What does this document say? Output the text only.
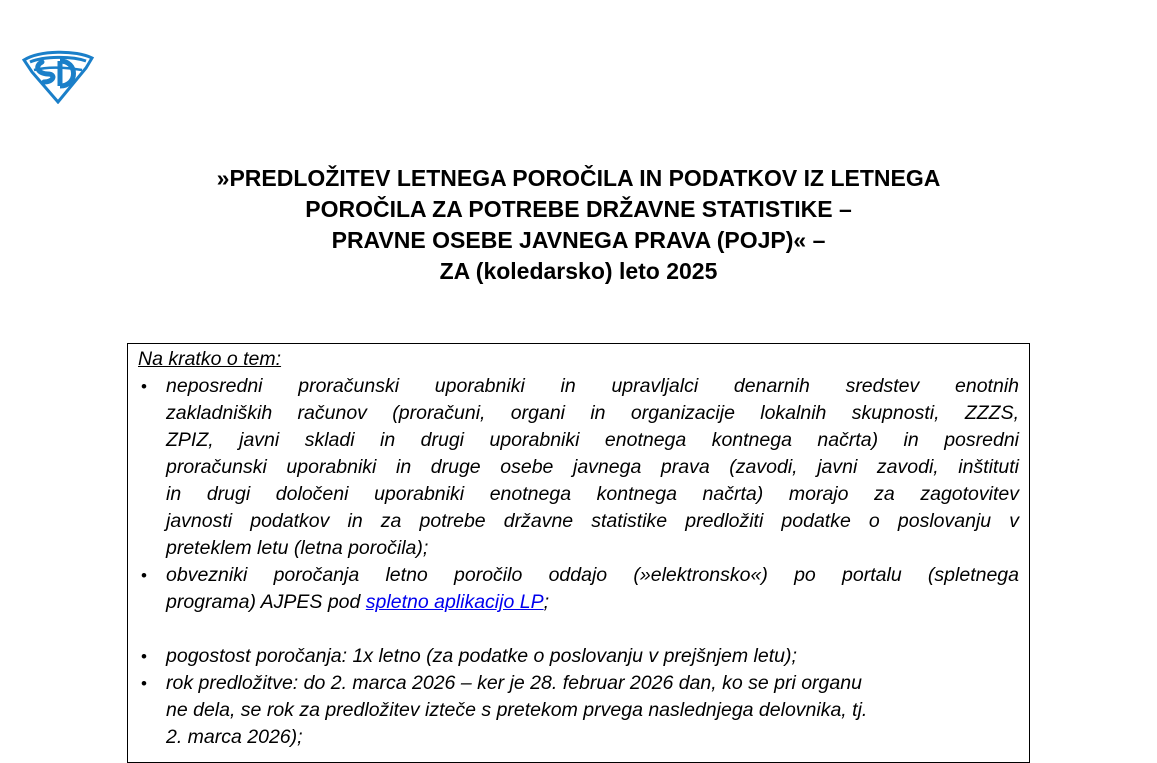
»PREDLOŽITEV LETNEGA POROČILA IN PODATKOV IZ LETNEGA
POROČILA ZA POTREBE DRŽAVNE STATISTIKE –
PRAVNE OSEBE JAVNEGA PRAVA (POJP)« –
ZA (koledarsko) leto 2025
Na kratko o tem:
• neposredni proračunski uporabniki in upravljalci denarnih sredstev enotnih
zakladniških računov (proračuni, organi in organizacije lokalnih skupnosti, ZZZS,
ZPIZ, javni skladi in drugi uporabniki enotnega kontnega načrta) in posredni
proračunski uporabniki in druge osebe javnega prava (zavodi, javni zavodi, inštituti
in drugi določeni uporabniki enotnega kontnega načrta) morajo za zagotovitev
javnosti podatkov in za potrebe državne statistike predložiti podatke o poslovanju v
preteklem letu (letna poročila);
• obvezniki poročanja letno poročilo oddajo (»elektronsko«) po portalu (spletnega
programa) AJPES pod spletno aplikacijo LP;
• pogostost poročanja: 1x letno (za podatke o poslovanju v prejšnjem letu);
• rok predložitve: do 2. marca 2026 – ker je 28. februar 2026 dan, ko se pri organu
ne dela, se rok za predložitev izteče s pretekom prvega naslednjega delovnika, tj.
2. marca 2026);
